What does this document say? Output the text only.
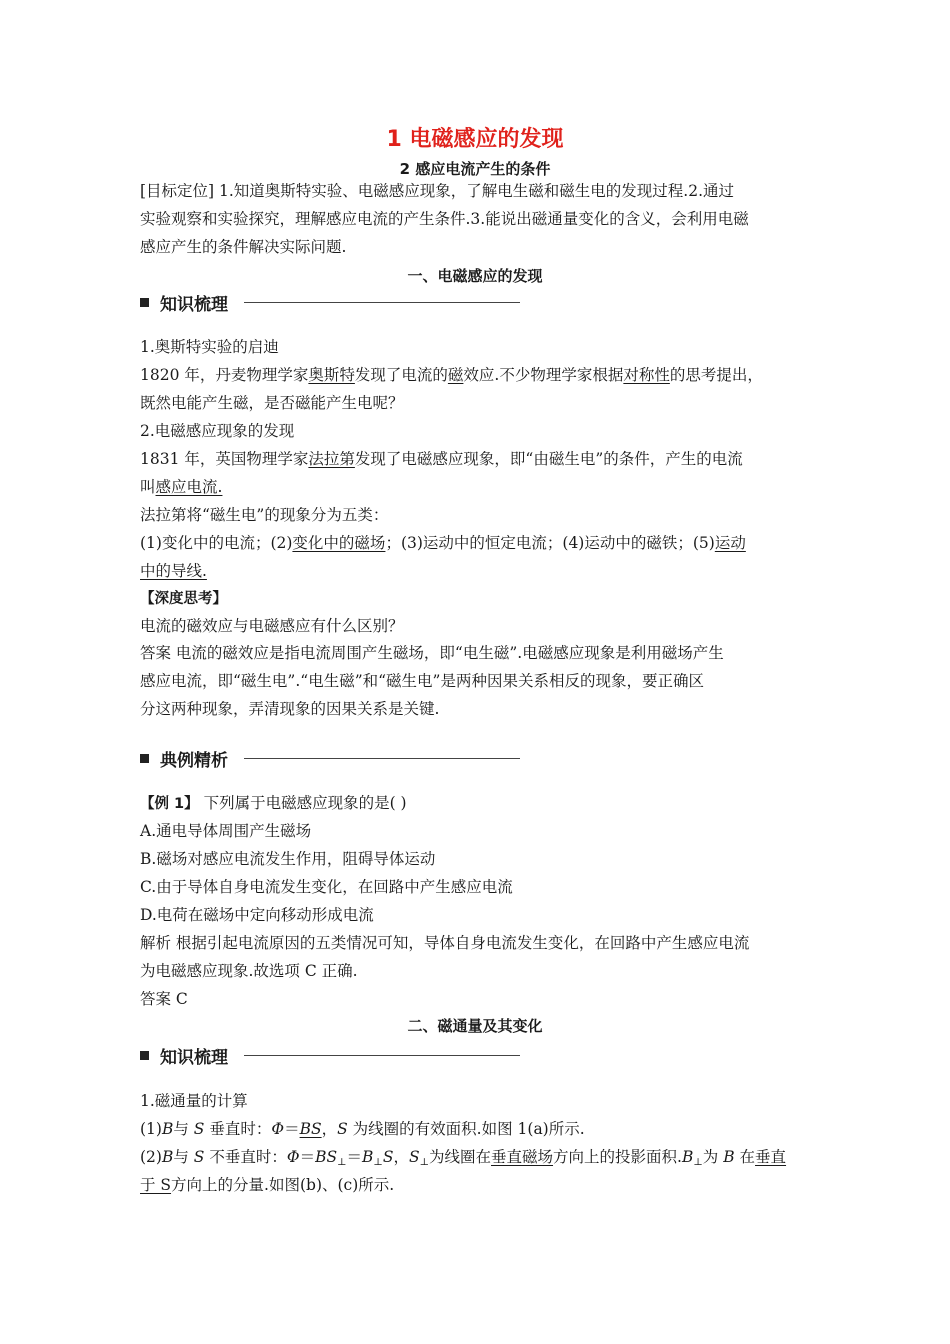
1 电磁感应的发现
2 感应电流产生的条件
[目标定位] 1.知道奥斯特实验、电磁感应现象，了解电生磁和磁生电的发现过程.2.通过
实验观察和实验探究，理解感应电流的产生条件.3.能说出磁通量变化的含义，会利用电磁
感应产生的条件解决实际问题.
一、电磁感应的发现
知识梳理
1.奥斯特实验的启迪
1820 年，丹麦物理学家奥斯特发现了电流的磁效应.不少物理学家根据对称性的思考提出，
既然电能产生磁，是否磁能产生电呢？
2.电磁感应现象的发现
1831 年，英国物理学家法拉第发现了电磁感应现象，即“由磁生电”的条件，产生的电流
叫感应电流.
法拉第将“磁生电”的现象分为五类：
(1)变化中的电流；(2)变化中的磁场；(3)运动中的恒定电流；(4)运动中的磁铁；(5)运动
中的导线.
【深度思考】
电流的磁效应与电磁感应有什么区别？
答案 电流的磁效应是指电流周围产生磁场，即“电生磁”.电磁感应现象是利用磁场产生
感应电流，即“磁生电”.“电生磁”和“磁生电”是两种因果关系相反的现象，要正确区
分这两种现象，弄清现象的因果关系是关键.
典例精析
【例 1】 下列属于电磁感应现象的是( )
A.通电导体周围产生磁场
B.磁场对感应电流发生作用，阻碍导体运动
C.由于导体自身电流发生变化，在回路中产生感应电流
D.电荷在磁场中定向移动形成电流
解析 根据引起电流原因的五类情况可知，导体自身电流发生变化，在回路中产生感应电流
为电磁感应现象.故选项 C 正确.
答案 C
二、磁通量及其变化
知识梳理
1.磁通量的计算
(1)B与 S 垂直时：Φ＝BS，S 为线圈的有效面积.如图 1(a)所示.
(2)B与 S 不垂直时：$\Phi=BS_\perp=B_\perp S$，$S_\perp$为线圈在垂直磁场方向上的投影面积$.B_\perp$为 B 在垂直
于 S方向上的分量.如图(b)、(c)所示.
